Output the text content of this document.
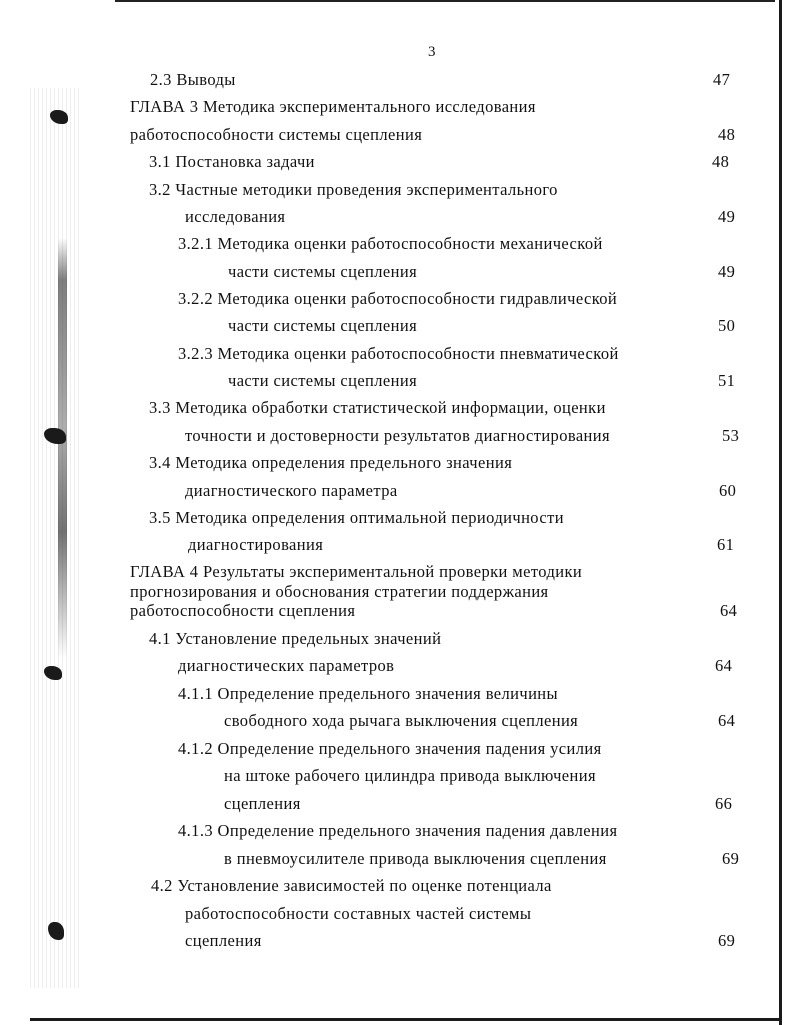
3
2.3 Выводы	47
ГЛАВА 3 Методика экспериментального исследования
работоспособности системы сцепления	48
3.1 Постановка задачи	48
3.2 Частные методики проведения экспериментального
исследования	49
3.2.1 Методика оценки работоспособности механической
части системы сцепления	49
3.2.2 Методика оценки работоспособности гидравлической
части системы сцепления	50
3.2.3 Методика оценки работоспособности пневматической
части системы сцепления	51
3.3 Методика обработки статистической информации, оценки
точности и достоверности результатов диагностирования	53
3.4 Методика определения предельного значения
диагностического параметра	60
3.5 Методика определения оптимальной периодичности
диагностирования	61
ГЛАВА 4 Результаты экспериментальной проверки методики
прогнозирования и обоснования стратегии поддержания
работоспособности сцепления	64
4.1 Установление предельных значений
диагностических параметров	64
4.1.1 Определение предельного значения величины
свободного хода рычага выключения сцепления	64
4.1.2 Определение предельного значения падения усилия
на штоке рабочего цилиндра привода выключения
сцепления	66
4.1.3 Определение предельного значения падения давления
в пневмоусилителе привода выключения сцепления	69
4.2 Установление зависимостей по оценке потенциала
работоспособности составных частей системы
сцепления	69
